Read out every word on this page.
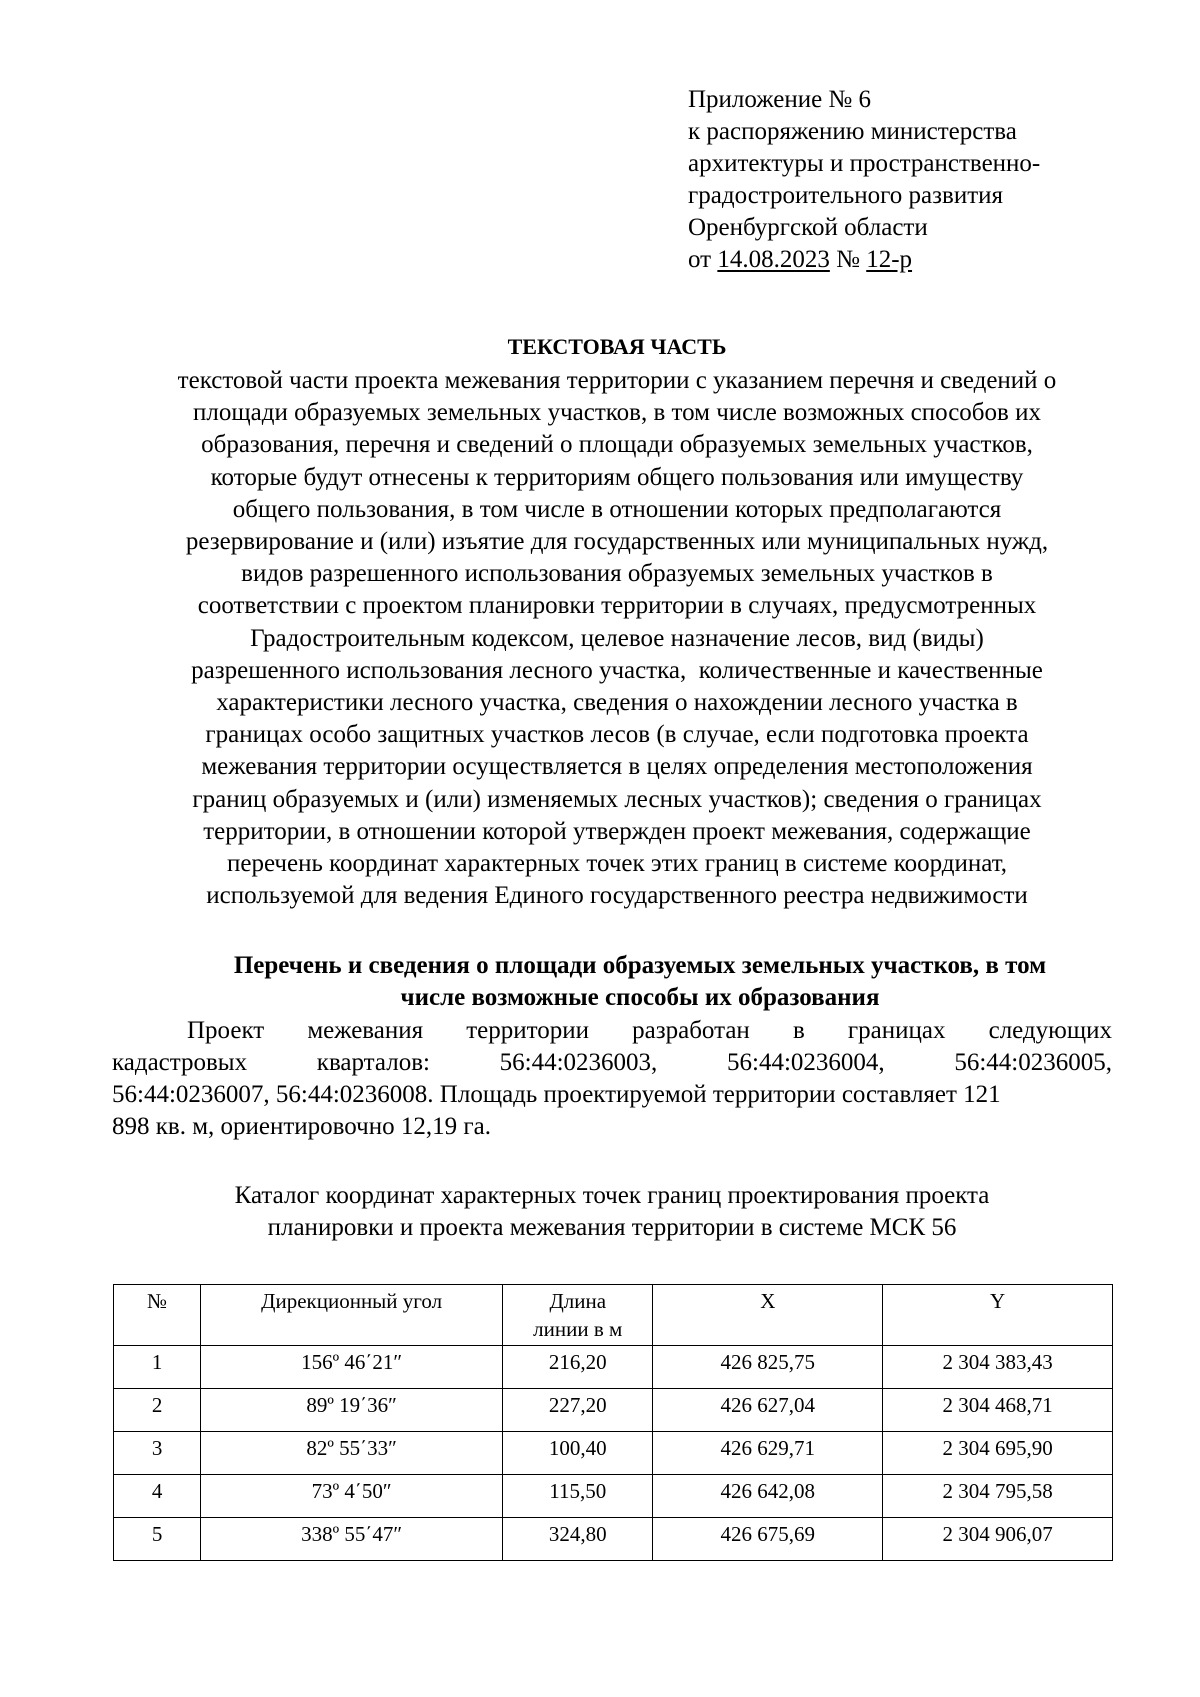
Приложение № 6
к распоряжению министерства
архитектуры и пространственно-
градостроительного развития
Оренбургской области
от 14.08.2023 № 12-р
ТЕКСТОВАЯ ЧАСТЬ
текстовой части проекта межевания территории с указанием перечня и сведений о
площади образуемых земельных участков, в том числе возможных способов их
образования, перечня и сведений о площади образуемых земельных участков,
которые будут отнесены к территориям общего пользования или имуществу
общего пользования, в том числе в отношении которых предполагаются
резервирование и (или) изъятие для государственных или муниципальных нужд,
видов разрешенного использования образуемых земельных участков в
соответствии с проектом планировки территории в случаях, предусмотренных
Градостроительным кодексом, целевое назначение лесов, вид (виды)
разрешенного использования лесного участка,  количественные и качественные
характеристики лесного участка, сведения о нахождении лесного участка в
границах особо защитных участков лесов (в случае, если подготовка проекта
межевания территории осуществляется в целях определения местоположения
границ образуемых и (или) изменяемых лесных участков); сведения о границах
территории, в отношении которой утвержден проект межевания, содержащие
перечень координат характерных точек этих границ в системе координат,
используемой для ведения Единого государственного реестра недвижимости
Перечень и сведения о площади образуемых земельных участков, в том
числе возможные способы их образования
Проект межевания территории разработан в границах следующих
кадастровых	кварталов:	56:44:0236003,	56:44:0236004,	56:44:0236005,
56:44:0236007, 56:44:0236008. Площадь проектируемой территории составляет 121
898 кв. м, ориентировочно 12,19 га.
Каталог координат характерных точек границ проектирования проекта
планировки и проекта межевания территории в системе МСК 56
№	Дирекционный угол	Длина
линии в м	X	Y
1	156º 46΄21″	216,20	426 825,75	2 304 383,43
2	89º 19΄36″	227,20	426 627,04	2 304 468,71
3	82º 55΄33″	100,40	426 629,71	2 304 695,90
4	73º 4΄50″	115,50	426 642,08	2 304 795,58
5	338º 55΄47″	324,80	426 675,69	2 304 906,07
